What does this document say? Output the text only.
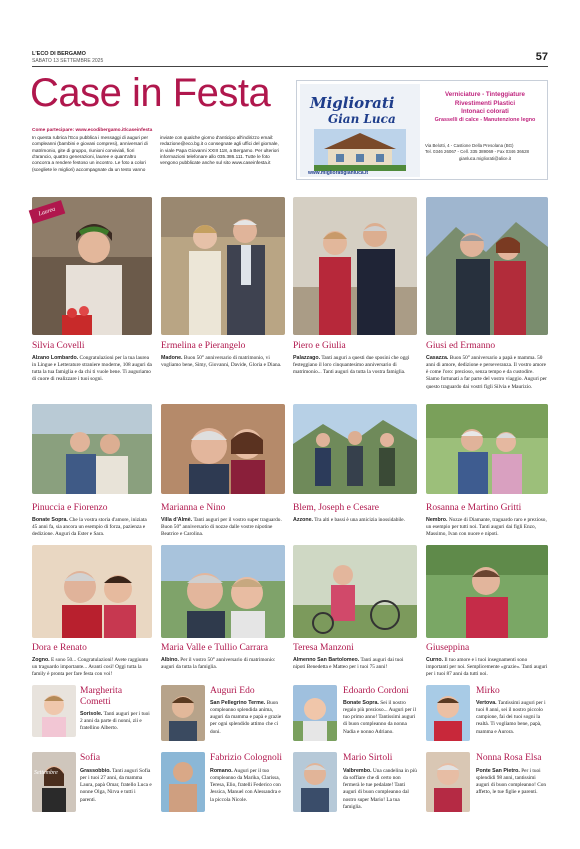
L'ECO DI BERGAMO
SABATO 13 SETTEMBRE 2025	57
Case in Festa
Come partecipare: www.ecodibergamo.it/caseinfesta
In questa rubrica l'Eco pubblica i messaggi di auguri per compleanni (bambini e giovani compresi), anniversari di matrimonio, gite di gruppo, riunioni conviviali, fiori d'arancio, quattro generazioni, lauree e quant'altro concorra a rendere festoso un incontro. Le foto a colori (scegliete le migliori) accompagnate da un testo vanno
inviate con qualche giorno d'anticipo all'indirizzo email: redazione@eco.bg.it o consegnate agli uffici del giornale, in viale Papa Giovanni XXIII 118, a Bergamo. Per ulteriori informazioni telefonare allo 035.386.111. Tutte le foto vengono pubblicate anche sul sito www.caseinfesta.it
Migliorati
Gian Luca
www.miglioratigianluca.it
Verniciature - Tinteggiature
Rivestimenti Plastici
Intonaci colorati
Grasselli di calce - Manutenzione legno
Via Belotti, 4 - Castione Della Presolana (BG)
Tel. 0346 26067 - Cell. 335 389069 - Fax 0346 36628
gianluca.migliorati@alice.it
Laurea
Silvia Covelli
Alzano Lombardo. Congratulazioni per la tua laurea in Lingue e Letterature straniere moderne, 108 auguri da tutta la tua famiglia e da chi ti vuole bene. Ti auguriamo di cuore di realizzare i tuoi sogni.
Ermelina e Pierangelo
Madone. Buon 50° anniversario di matrimonio, vi vogliamo bene, Simy, Giovanni, Davide, Gloria e Diana.
Piero e Giulia
Palazzago. Tanti auguri a questi due sposini che oggi festeggiano il loro cinquantesimo anniversario di matrimonio... Tanti auguri da tutta la vostra famiglia.
Giusi ed Ermanno
Casazza. Buon 50° anniversario a papà e mamma. 50 anni di amore, dedizione e perseveranza. Il vostro amore è come l'oro: prezioso, senza tempo e da custodire. Siamo fortunati a far parte del vostro viaggio. Auguri per questo traguardo dai vostri figli Silvia e Maurizio.
Pinuccia e Fiorenzo
Bonate Sopra. Che la vostra storia d'amore, iniziata 45 anni fa, sia ancora un esempio di forza, pazienza e dedizione. Auguri da Ester e Sara.
Marianna e Nino
Villa d'Almè. Tanti auguri per il vostro super traguardo. Buon 50° anniversario di nozze dalle vostre nipotine Beatrice e Carolina.
Blem, Joseph e Cesare
Azzone. Tra alti e bassi è una amicizia inossidabile.
Rosanna e Martino Gritti
Nembro. Nozze di Diamante, traguardo raro e prezioso, un esempio per tutti noi. Tanti auguri dai figli Enzo, Massimo, Ivan con nuore e nipoti.
Dora e Renato
Zogno. E sono 50... Congratulazioni! Avete raggiunto un traguardo importante... Avanti così! Oggi tutta la family è pronta per fare festa con voi!
Maria Valle e Tullio Carrara
Albino. Per il vostro 50° anniversario di matrimonio: auguri da tutta la famiglia.
Teresa Manzoni
Almenno San Bartolomeo. Tanti auguri dai tuoi nipoti Benedetta e Matteo per i tuoi 75 anni!
Giuseppina
Curno. Il tuo amore e i tuoi insegnamenti sono importanti per noi. Semplicemente «grazie». Tanti auguri per i tuoi 87 anni da tutti noi.
Margherita Cometti
Sorisole. Tanti auguri per i tuoi 2 anni da parte di nonni, zii e fratellino Alberto.
Augurì Edo
San Pellegrino Terme. Buon compleanno splendida anima, auguri da mamma e papà e grazie per ogni splendido attimo che ci doni.
Edoardo Cordoni
Bonate Sopra. Sei il nostro regalo più prezioso... Auguri per il tuo primo anno! Tantissimi auguri di buon compleanno da nonna Nadia e nonno Adriano.
Mirko
Vertova. Tantissimi auguri per i tuoi 8 anni, sei il nostro piccolo campione, fai dei tuoi sogni la realtà. Ti vogliamo bene, papà, mamma e Aurora.
Settembre
Sofia
Grassobbio. Tanti auguri Sofia per i tuoi 27 anni, da mamma Laura, papà Omar, fratello Luca e nonne Olga, Nirva e tutti i parenti.
Fabrizio Colognoli
Romano. Auguri per il tuo compleanno da Marika, Clarissa, Teresa, Elio, fratelli Federico con Jessica, Manuel con Alessandra e la piccola Nicole.
Mario Sirtoli
Valbrembo. Una candelina in più da soffiare che di certo non fermerà le tue pedalate! Tanti auguri di buon compleanno dal nostro super Mario! La tua famiglia.
Nonna Rosa Elsa
Ponte San Pietro. Per i tuoi splendidi 98 anni, tantissimi auguri di buon compleanno! Con affetto, le tue figlie e parenti.
